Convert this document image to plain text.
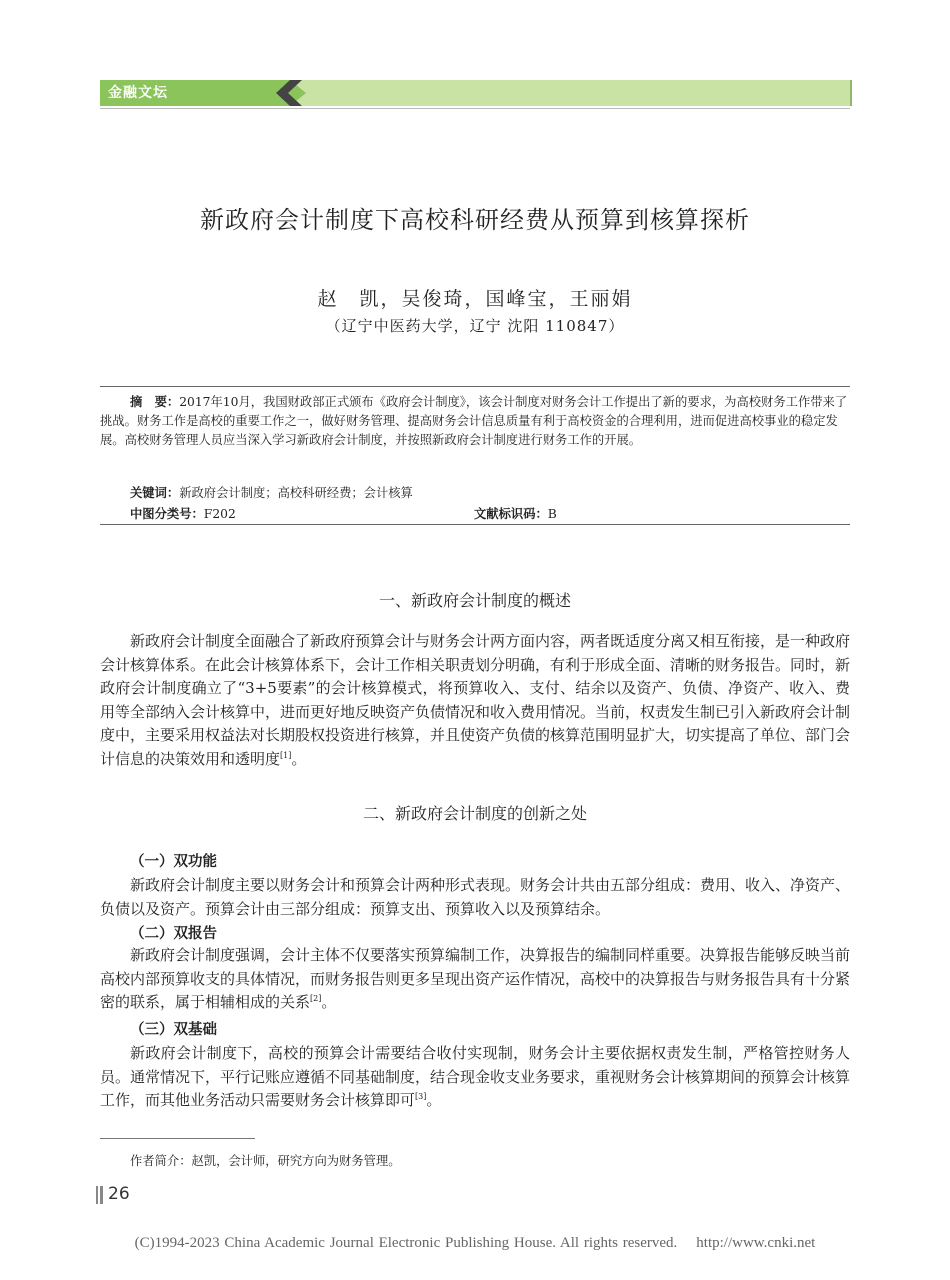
金融文坛
新政府会计制度下高校科研经费从预算到核算探析
赵　凯，吴俊琦，国峰宝，王丽娟
（辽宁中医药大学，辽宁 沈阳 110847）
摘　要：2017年10月，我国财政部正式颁布《政府会计制度》，该会计制度对财务会计工作提出了新的要求，为高校财务工作带来了挑战。财务工作是高校的重要工作之一，做好财务管理、提高财务会计信息质量有利于高校资金的合理利用，进而促进高校事业的稳定发展。高校财务管理人员应当深入学习新政府会计制度，并按照新政府会计制度进行财务工作的开展。
关键词：新政府会计制度；高校科研经费；会计核算
中图分类号：F202	文献标识码：B
一、新政府会计制度的概述
新政府会计制度全面融合了新政府预算会计与财务会计两方面内容，两者既适度分离又相互衔接，是一种政府会计核算体系。在此会计核算体系下，会计工作相关职责划分明确，有利于形成全面、清晰的财务报告。同时，新政府会计制度确立了“3+5要素”的会计核算模式，将预算收入、支付、结余以及资产、负债、净资产、收入、费用等全部纳入会计核算中，进而更好地反映资产负债情况和收入费用情况。当前，权责发生制已引入新政府会计制度中，主要采用权益法对长期股权投资进行核算，并且使资产负债的核算范围明显扩大，切实提高了单位、部门会计信息的决策效用和透明度[1]。
二、新政府会计制度的创新之处
（一）双功能
新政府会计制度主要以财务会计和预算会计两种形式表现。财务会计共由五部分组成：费用、收入、净资产、负债以及资产。预算会计由三部分组成：预算支出、预算收入以及预算结余。
（二）双报告
新政府会计制度强调，会计主体不仅要落实预算编制工作，决算报告的编制同样重要。决算报告能够反映当前高校内部预算收支的具体情况，而财务报告则更多呈现出资产运作情况，高校中的决算报告与财务报告具有十分紧密的联系，属于相辅相成的关系[2]。
（三）双基础
新政府会计制度下，高校的预算会计需要结合收付实现制，财务会计主要依据权责发生制，严格管控财务人员。通常情况下，平行记账应遵循不同基础制度，结合现金收支业务要求，重视财务会计核算期间的预算会计核算工作，而其他业务活动只需要财务会计核算即可[3]。
作者简介：赵凯，会计师，研究方向为财务管理。
26
(C)1994-2023 China Academic Journal Electronic Publishing House. All rights reserved.    http://www.cnki.net
